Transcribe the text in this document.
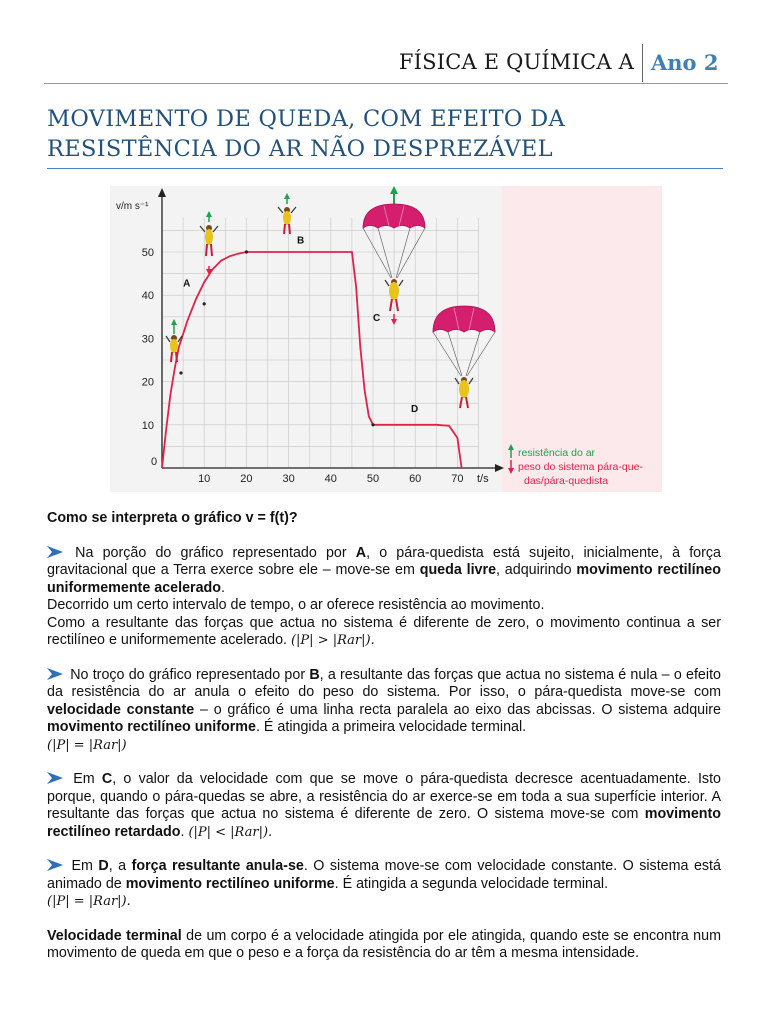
FÍSICA E QUÍMICA A Ano 2
MOVIMENTO DE QUEDA, COM EFEITO DA RESISTÊNCIA DO AR NÃO DESPREZÁVEL
0
10	20	30	40	50	60	70
10
20
30
40
50
v/m s⁻¹
t/s
A
B
C
D
resistência do ar
peso do sistema pára-que-
das/pára-quedista

Como se interpreta o gráfico v = f(t)?

Na porção do gráfico representado por A, o pára-quedista está sujeito, inicialmente, à força gravitacional que a Terra exerce sobre ele – move-se em queda livre, adquirindo movimento rectilíneo uniformemente acelerado.

Decorrido um certo intervalo de tempo, o ar oferece resistência ao movimento.

Como a resultante das forças que actua no sistema é diferente de zero, o movimento continua a ser rectilíneo e uniformemente acelerado. (|P| > |Rar|).

No troço do gráfico representado por B, a resultante das forças que actua no sistema é nula – o efeito da resistência do ar anula o efeito do peso do sistema. Por isso, o pára-quedista move-se com velocidade constante – o gráfico é uma linha recta paralela ao eixo das abcissas. O sistema adquire movimento rectilíneo uniforme. É atingida a primeira velocidade terminal.

(|P| = |Rar|)

Em C, o valor da velocidade com que se move o pára-quedista decresce acentuadamente. Isto porque, quando o pára-quedas se abre, a resistência do ar exerce-se em toda a sua superfície interior. A resultante das forças que actua no sistema é diferente de zero. O sistema move-se com movimento rectilíneo retardado. (|P| < |Rar|).

Em D, a força resultante anula-se. O sistema move-se com velocidade constante. O sistema está animado de movimento rectilíneo uniforme. É atingida a segunda velocidade terminal.

(|P| = |Rar|).

Velocidade terminal de um corpo é a velocidade atingida por ele atingida, quando este se encontra num movimento de queda em que o peso e a força da resistência do ar têm a mesma intensidade.
